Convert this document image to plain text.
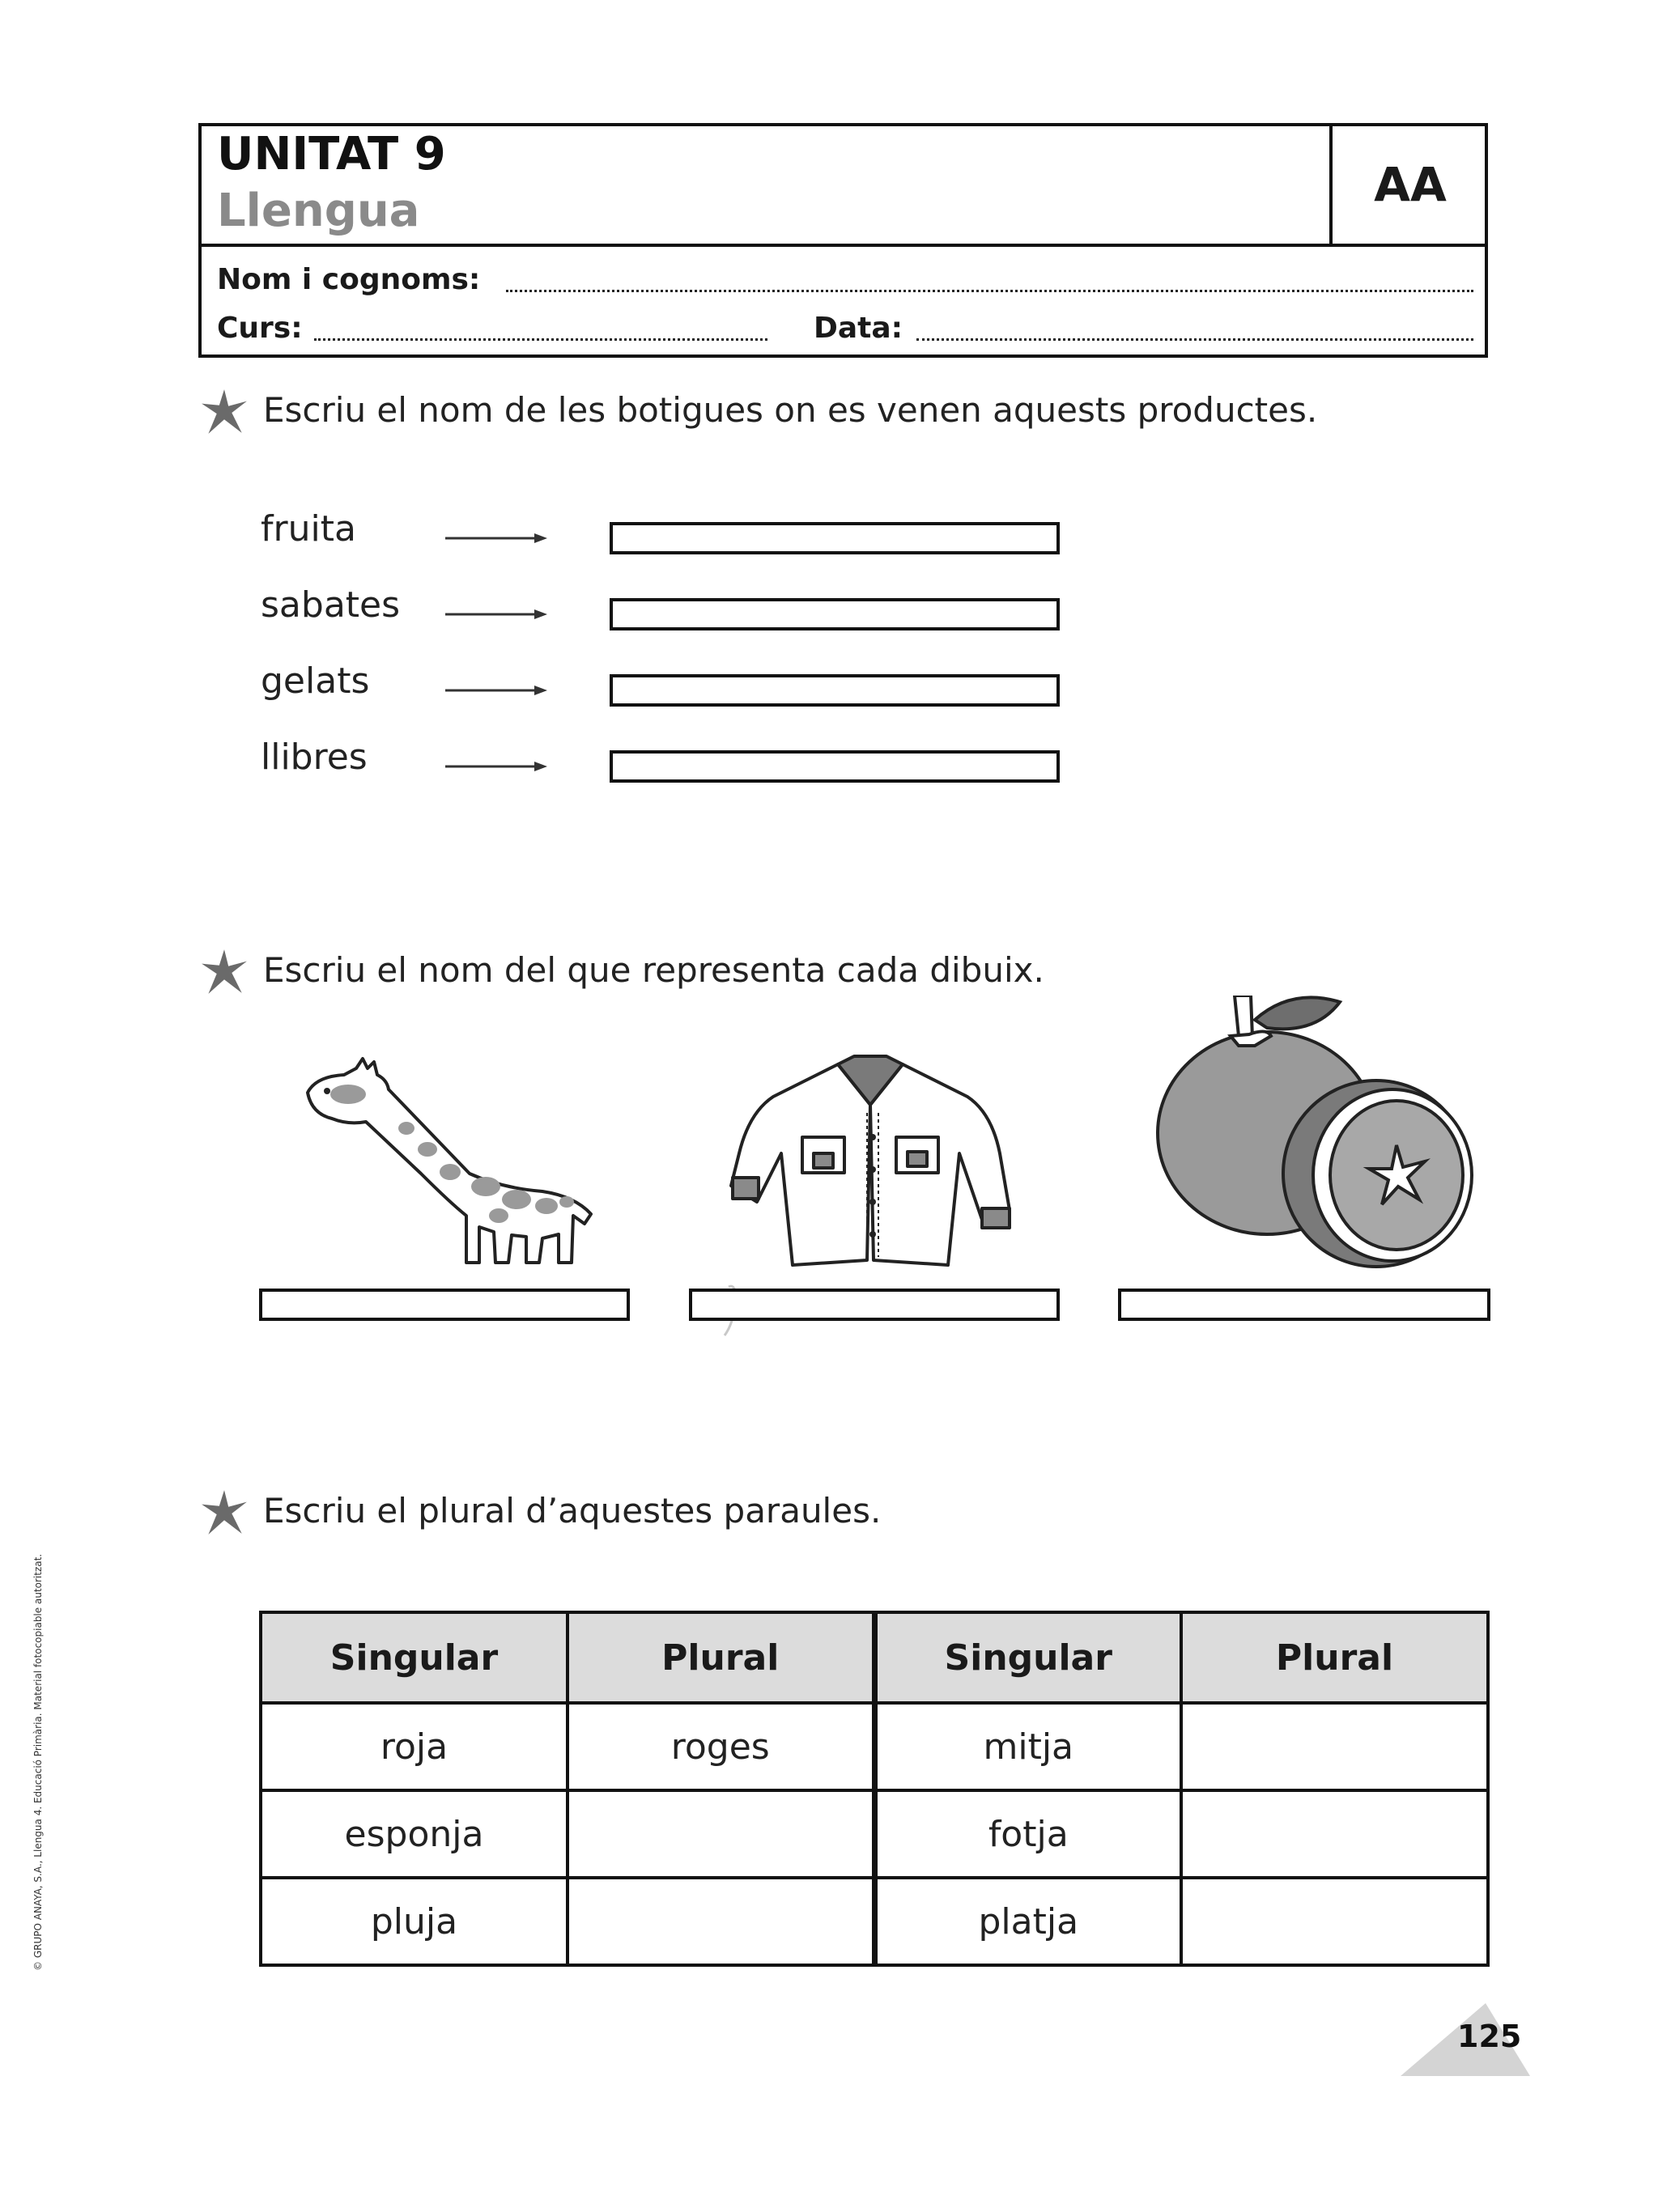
UNITAT 9
Llengua	AA
Nom i cognoms:
Curs:	Data:
Escriu el nom de les botigues on es venen aquests productes.
fruita
sabates
gelats
llibres
Escriu el nom del que representa cada dibuix.
Escriu el plural d’aquestes paraules.
Singular	Plural	Singular	Plural
roja	roges	mitja	
esponja		fotja	
pluja		platja	
© GRUPO ANAYA, S.A., Llengua 4. Educació Primària. Material fotocopiable autoritzat.
125
